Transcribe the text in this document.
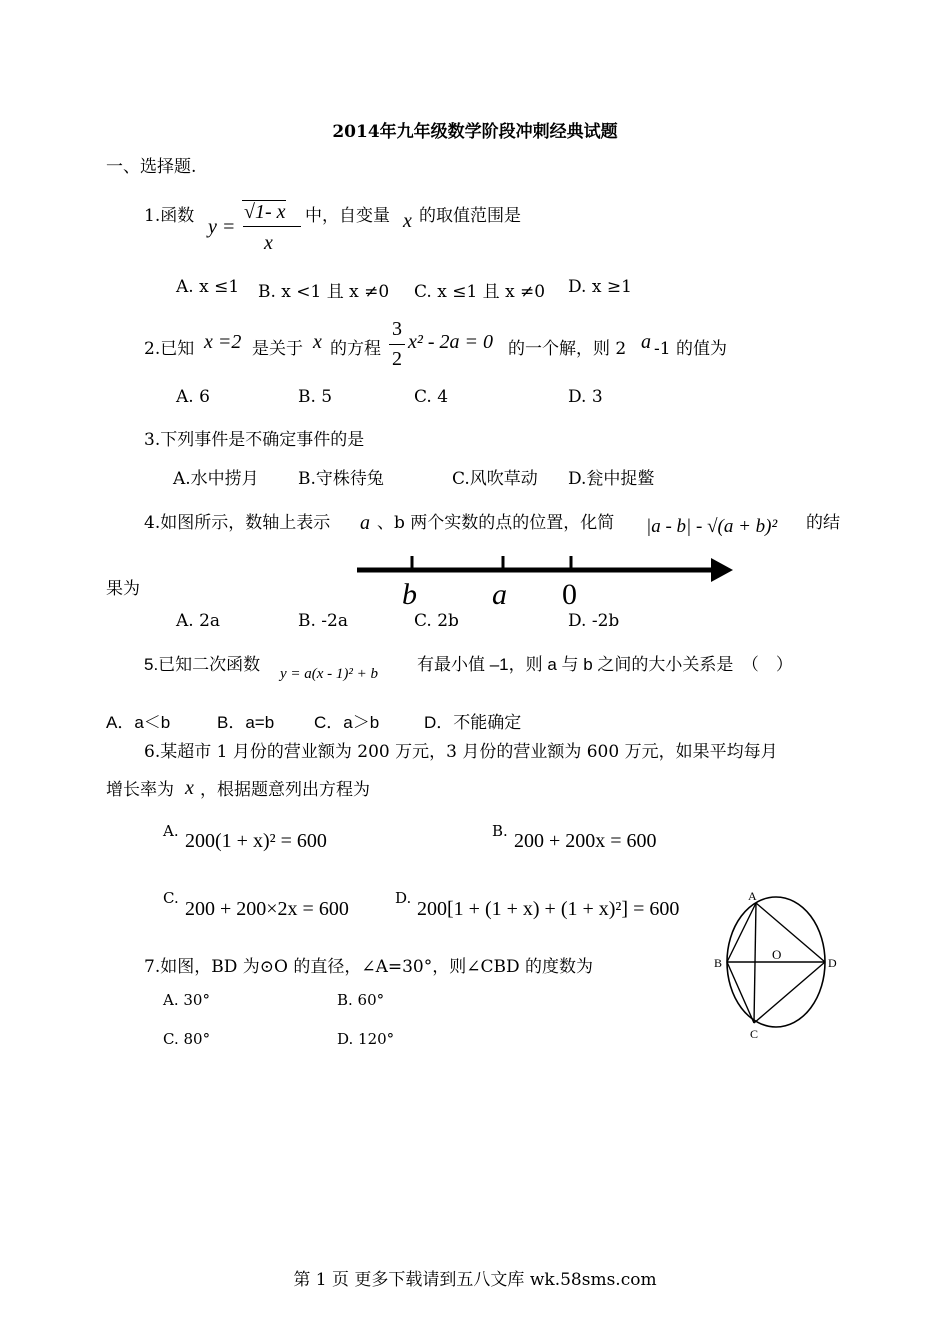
2014年九年级数学阶段冲刺经典试题
一、选择题.
1.函数 y =
√1- x
x
中，自变量 x 的取值范围是
A. x ≤1 B. x <1 且 x ≠0 C. x ≤1 且 x ≠0 D. x ≥1
2.已知 x =2 是关于 x 的方程
3
2
x² - 2a = 0 的一个解，则 2 a -1 的值为
A. 6	B. 5	C. 4	D. 3
3.下列事件是不确定事件的是
A.水中捞月 B.守株待兔	C.风吹草动 D.瓮中捉鳖
4.如图所示，数轴上表示 a 、b 两个实数的点的位置，化简 |a - b| - √(a + b)² 的结
果为	b	a 0
A. 2a	B. -2a	C. 2b	D. -2b
5.已知二次函数 y = a(x - 1)² + b 有最小值 –1，则 a 与 b 之间的大小关系是　（　）
A．a＜b	B．a=b C．a＞b	D．不能确定
6.某超市 1 月份的营业额为 200 万元，3 月份的营业额为 600 万元，如果平均每月
增长率为 x ，根据题意列出方程为
A. 200(1 + x)² = 600	B. 200 + 200x = 600
C. 200 + 200×2x = 600	D. 200[1 + (1 + x) + (1 + x)²] = 600
7.如图，BD 为⊙O 的直径，∠A=30°，则∠CBD 的度数为
A. 30°	B. 60°
C. 80°	D. 120°
A
B
C
D
O
第 1 页 更多下载请到五八文库 wk.58sms.com
